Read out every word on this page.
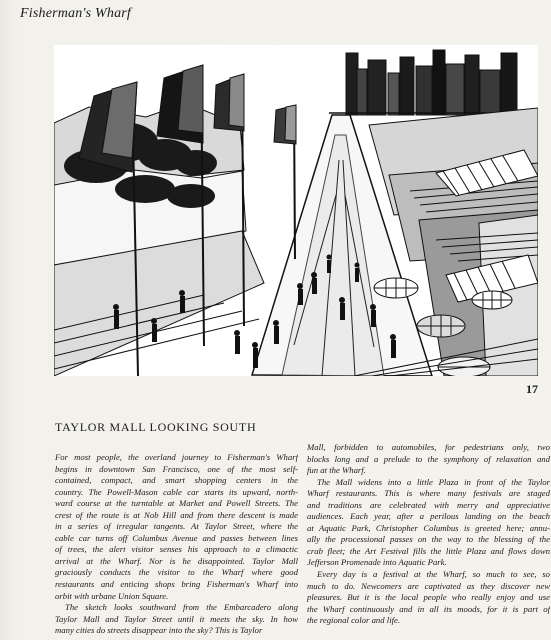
Fisherman's Wharf
17
TAYLOR MALL LOOKING SOUTH
For most people, the overland journey to Fisherman's Wharf
begins in downtown San Francisco, one of the most self-
contained, compact, and smart shopping centers in the
country. The Powell-Mason cable car starts its upward, north-
ward course at the turntable at Market and Powell Streets. The
crest of the route is at Nob Hill and from there descent is made
in a series of irregular tangents. At Taylor Street, where the
cable car turns off Columbus Avenue and passes between lines
of trees, the alert visitor senses his approach to a climactic
arrival at the Wharf. Nor is he disappointed. Taylor Mall
graciously conducts the visitor to the Wharf where good
restaurants and enticing shops bring Fisherman's Wharf into
orbit with urbane Union Square.
The sketch looks southward from the Embarcadero along
Taylor Mall and Taylor Street until it meets the sky. In how
many cities do streets disappear into the sky? This is Taylor
Mall, forbidden to automobiles, for pedestrians only, two
blocks long and a prelude to the symphony of relaxation and
fun at the Wharf.
The Mall widens into a little Plaza in front of the Taylor
Wharf restaurants. This is where many festivals are staged
and traditions are celebrated with merry and appreciative
audiences. Each year, after a perilous landing on the beach
at Aquatic Park, Christopher Columbus is greeted here; annu-
ally the processional passes on the way to the blessing of the
crab fleet; the Art Festival fills the little Plaza and flows down
Jefferson Promenade into Aquatic Park.
Every day is a festival at the Wharf, so much to see, so
much to do. Newcomers are captivated as they discover new
pleasures. But it is the local people who really enjoy and use
the Wharf continuously and in all its moods, for it is part of
the regional color and life.
